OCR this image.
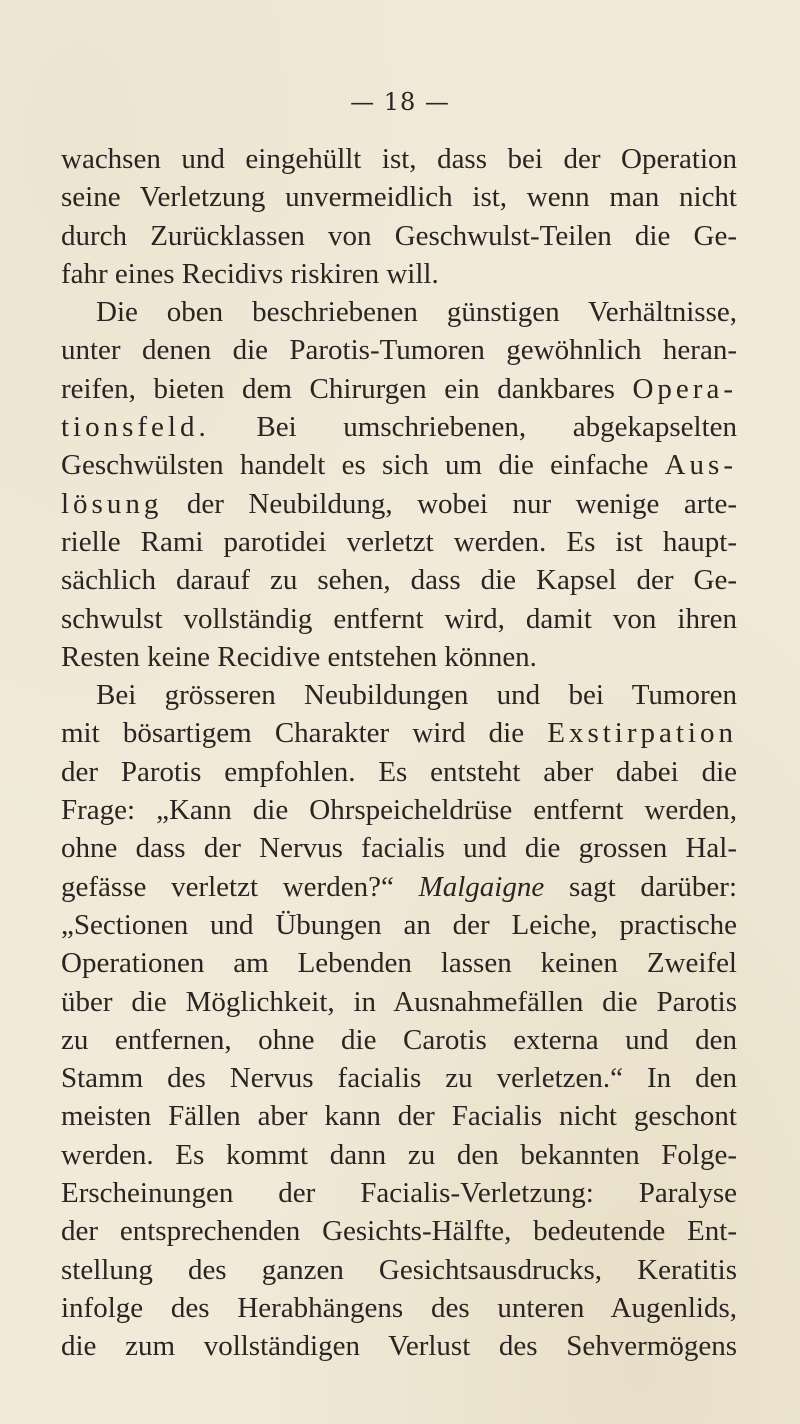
— 18 —
wachsen und eingehüllt ist, dass bei der Operation
seine Verletzung unvermeidlich ist, wenn man nicht
durch Zurücklassen von Geschwulst-Teilen die Ge-
fahr eines Recidivs riskiren will.
Die oben beschriebenen günstigen Verhältnisse,
unter denen die Parotis-Tumoren gewöhnlich heran-
reifen, bieten dem Chirurgen ein dankbares Opera-
tionsfeld. Bei umschriebenen, abgekapselten
Geschwülsten handelt es sich um die einfache Aus-
lösung der Neubildung, wobei nur wenige arte-
rielle Rami parotidei verletzt werden. Es ist haupt-
sächlich darauf zu sehen, dass die Kapsel der Ge-
schwulst vollständig entfernt wird, damit von ihren
Resten keine Recidive entstehen können.
Bei grösseren Neubildungen und bei Tumoren
mit bösartigem Charakter wird die Exstirpation
der Parotis empfohlen. Es entsteht aber dabei die
Frage: „Kann die Ohrspeicheldrüse entfernt werden,
ohne dass der Nervus facialis und die grossen Hal-
gefässe verletzt werden?“ Malgaigne sagt darüber:
„Sectionen und Übungen an der Leiche, practische
Operationen am Lebenden lassen keinen Zweifel
über die Möglichkeit, in Ausnahmefällen die Parotis
zu entfernen, ohne die Carotis externa und den
Stamm des Nervus facialis zu verletzen.“ In den
meisten Fällen aber kann der Facialis nicht geschont
werden. Es kommt dann zu den bekannten Folge-
Erscheinungen der Facialis-Verletzung: Paralyse
der entsprechenden Gesichts-Hälfte, bedeutende Ent-
stellung des ganzen Gesichtsausdrucks, Keratitis
infolge des Herabhängens des unteren Augenlids,
die zum vollständigen Verlust des Sehvermögens
